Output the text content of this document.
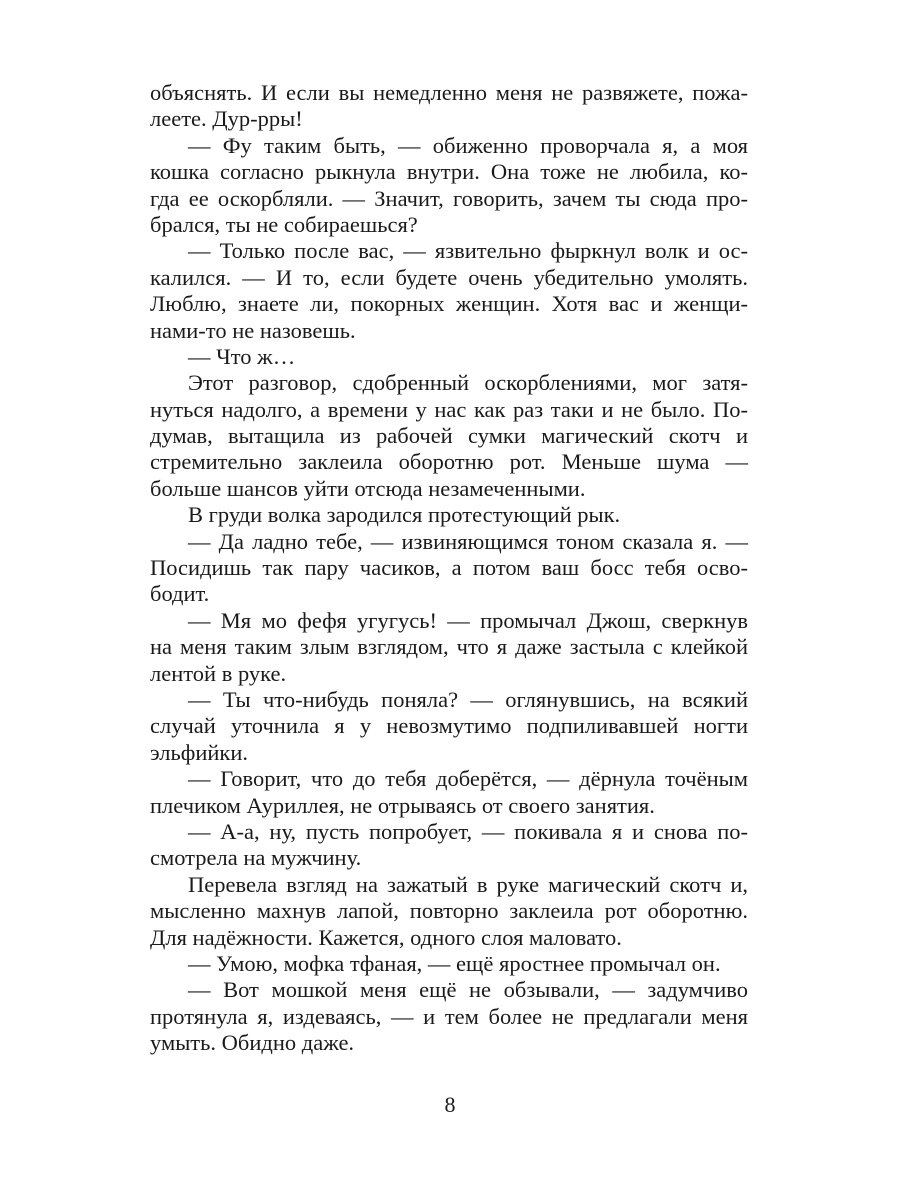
объяснять. И если вы немедленно меня не развяжете, пожа-
леете. Дур-рры!
— Фу таким быть, — обиженно проворчала я, а моя
кошка согласно рыкнула внутри. Она тоже не любила, ко-
гда ее оскорбляли. — Значит, говорить, зачем ты сюда про-
брался, ты не собираешься?
— Только после вас, — язвительно фыркнул волк и ос-
калился. — И то, если будете очень убедительно умолять.
Люблю, знаете ли, покорных женщин. Хотя вас и женщи-
нами-то не назовешь.
— Что ж…
Этот разговор, сдобренный оскорблениями, мог затя-
нуться надолго, а времени у нас как раз таки и не было. По-
думав, вытащила из рабочей сумки магический скотч и
стремительно заклеила оборотню рот. Меньше шума —
больше шансов уйти отсюда незамеченными.
В груди волка зародился протестующий рык.
— Да ладно тебе, — извиняющимся тоном сказала я. —
Посидишь так пару часиков, а потом ваш босс тебя осво-
бодит.
— Мя мо фефя угугусь! — промычал Джош, сверкнув
на меня таким злым взглядом, что я даже застыла с клейкой
лентой в руке.
— Ты что-нибудь поняла? — оглянувшись, на всякий
случай уточнила я у невозмутимо подпиливавшей ногти
эльфийки.
— Говорит, что до тебя доберётся, — дёрнула точёным
плечиком Ауриллея, не отрываясь от своего занятия.
— А-а, ну, пусть попробует, — покивала я и снова по-
смотрела на мужчину.
Перевела взгляд на зажатый в руке магический скотч и,
мысленно махнув лапой, повторно заклеила рот оборотню.
Для надёжности. Кажется, одного слоя маловато.
— Умою, мофка тфаная, — ещё яростнее промычал он.
— Вот мошкой меня ещё не обзывали, — задумчиво
протянула я, издеваясь, — и тем более не предлагали меня
умыть. Обидно даже.
8
